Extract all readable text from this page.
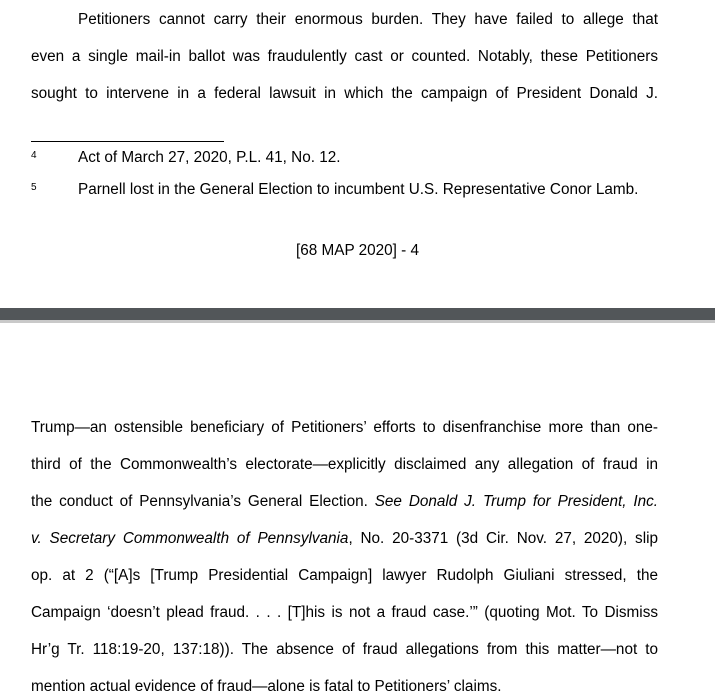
Petitioners cannot carry their enormous burden. They have failed to allege that
even a single mail-in ballot was fraudulently cast or counted. Notably, these Petitioners
sought to intervene in a federal lawsuit in which the campaign of President Donald J.
4	Act of March 27, 2020, P.L. 41, No. 12.
5	Parnell lost in the General Election to incumbent U.S. Representative Conor Lamb.
[68 MAP 2020] - 4
Trump—an ostensible beneficiary of Petitioners’ efforts to disenfranchise more than one-
third of the Commonwealth’s electorate—explicitly disclaimed any allegation of fraud in
the conduct of Pennsylvania’s General Election. See Donald J. Trump for President, Inc.
v. Secretary Commonwealth of Pennsylvania, No. 20-3371 (3d Cir. Nov. 27, 2020), slip
op. at 2 (“[A]s [Trump Presidential Campaign] lawyer Rudolph Giuliani stressed, the
Campaign ‘doesn’t plead fraud. . . . [T]his is not a fraud case.’” (quoting Mot. To Dismiss
Hr’g Tr. 118:19-20, 137:18)). The absence of fraud allegations from this matter—not to
mention actual evidence of fraud—alone is fatal to Petitioners’ claims.
